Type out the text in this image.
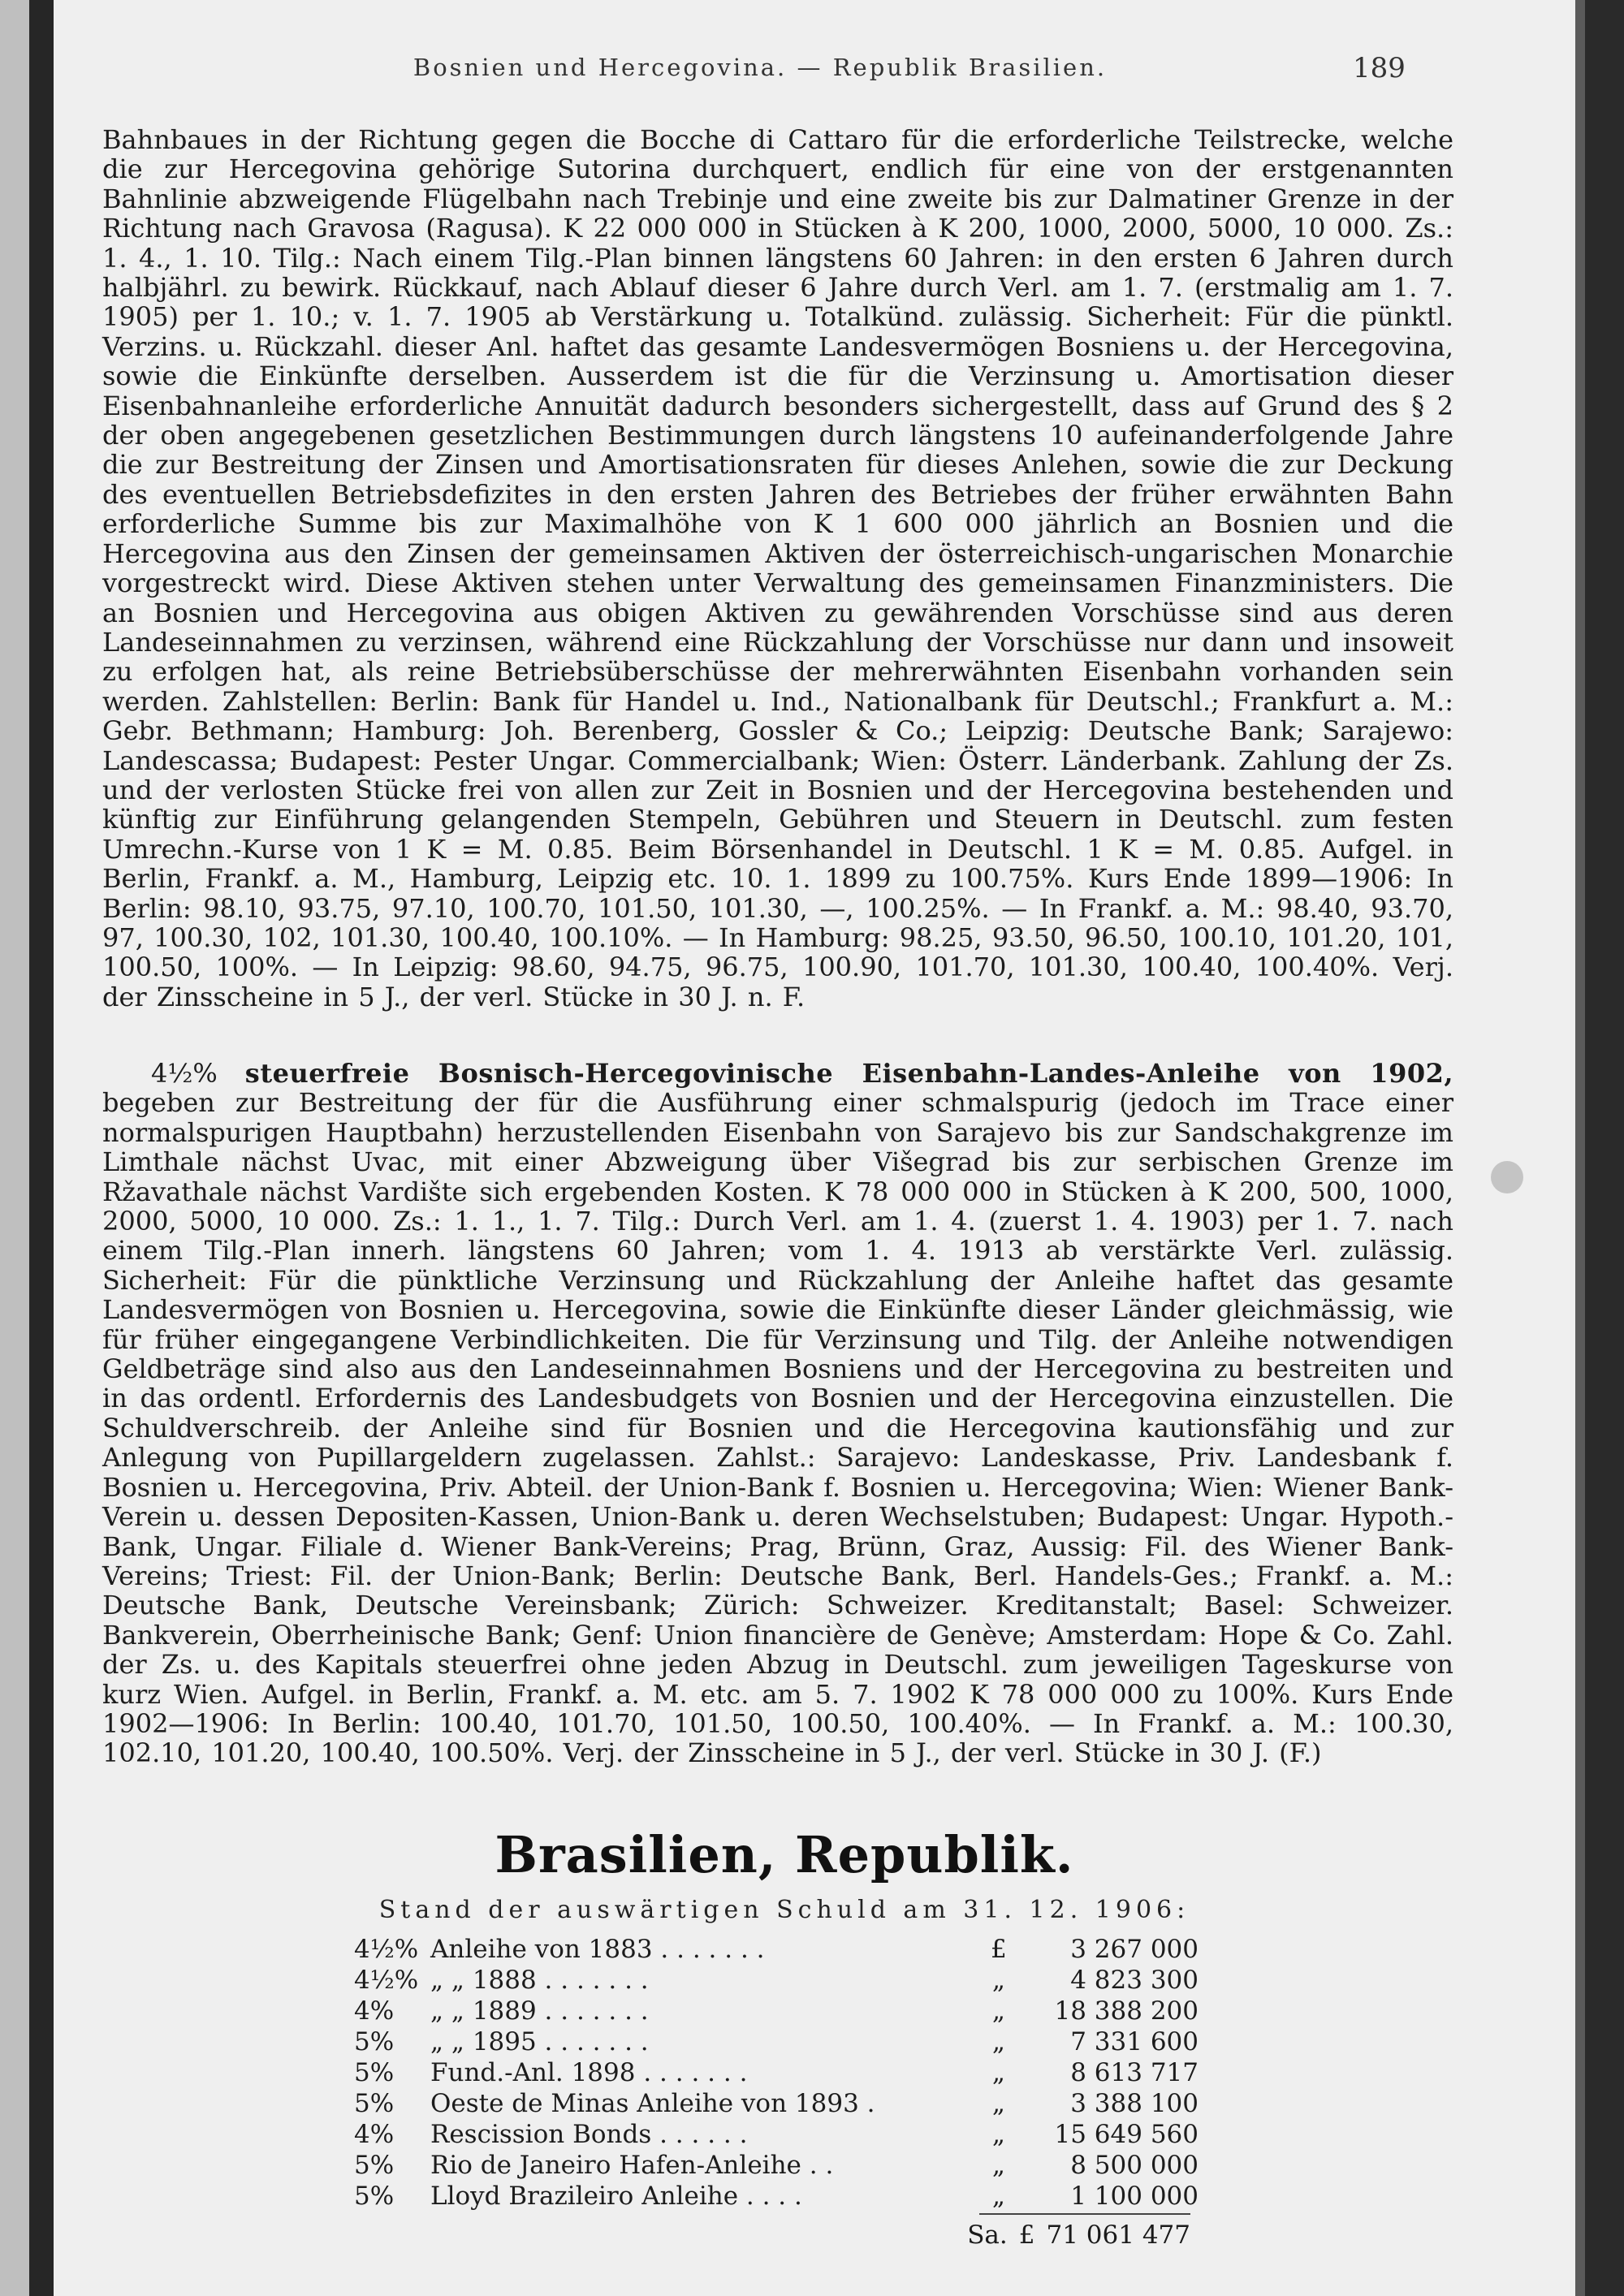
Bosnien und Hercegovina. — Republik Brasilien.	189
Bahnbaues in der Richtung gegen die Bocche di Cattaro für die erforderliche Teilstrecke, welche die zur Hercegovina gehörige Sutorina durchquert, endlich für eine von der erstgenannten Bahnlinie abzweigende Flügelbahn nach Trebinje und eine zweite bis zur Dalmatiner Grenze in der Richtung nach Gravosa (Ragusa). K 22 000 000 in Stücken à K 200, 1000, 2000, 5000, 10 000. Zs.: 1. 4., 1. 10. Tilg.: Nach einem Tilg.-Plan binnen längstens 60 Jahren: in den ersten 6 Jahren durch halbjährl. zu bewirk. Rückkauf, nach Ablauf dieser 6 Jahre durch Verl. am 1. 7. (erstmalig am 1. 7. 1905) per 1. 10.; v. 1. 7. 1905 ab Verstärkung u. Totalkünd. zulässig. Sicherheit: Für die pünktl. Verzins. u. Rückzahl. dieser Anl. haftet das gesamte Landesvermögen Bosniens u. der Hercegovina, sowie die Einkünfte derselben. Ausserdem ist die für die Verzinsung u. Amortisation dieser Eisenbahnanleihe erforderliche Annuität dadurch besonders sichergestellt, dass auf Grund des § 2 der oben angegebenen gesetzlichen Bestimmungen durch längstens 10 aufeinanderfolgende Jahre die zur Bestreitung der Zinsen und Amortisationsraten für dieses Anlehen, sowie die zur Deckung des eventuellen Betriebsdefizites in den ersten Jahren des Betriebes der früher erwähnten Bahn erforderliche Summe bis zur Maximalhöhe von K 1 600 000 jährlich an Bosnien und die Hercegovina aus den Zinsen der gemeinsamen Aktiven der österreichisch-ungarischen Monarchie vorgestreckt wird. Diese Aktiven stehen unter Verwaltung des gemeinsamen Finanzministers. Die an Bosnien und Hercegovina aus obigen Aktiven zu gewährenden Vorschüsse sind aus deren Landeseinnahmen zu verzinsen, während eine Rückzahlung der Vorschüsse nur dann und insoweit zu erfolgen hat, als reine Betriebsüberschüsse der mehrerwähnten Eisenbahn vorhanden sein werden. Zahlstellen: Berlin: Bank für Handel u. Ind., Nationalbank für Deutschl.; Frankfurt a. M.: Gebr. Bethmann; Hamburg: Joh. Berenberg, Gossler & Co.; Leipzig: Deutsche Bank; Sarajewo: Landescassa; Budapest: Pester Ungar. Commercialbank; Wien: Österr. Länderbank. Zahlung der Zs. und der verlosten Stücke frei von allen zur Zeit in Bosnien und der Hercegovina bestehenden und künftig zur Einführung gelangenden Stempeln, Gebühren und Steuern in Deutschl. zum festen Umrechn.-Kurse von 1 K = M. 0.85. Beim Börsenhandel in Deutschl. 1 K = M. 0.85. Aufgel. in Berlin, Frankf. a. M., Hamburg, Leipzig etc. 10. 1. 1899 zu 100.75%. Kurs Ende 1899—1906: In Berlin: 98.10, 93.75, 97.10, 100.70, 101.50, 101.30, —, 100.25%. — In Frankf. a. M.: 98.40, 93.70, 97, 100.30, 102, 101.30, 100.40, 100.10%. — In Hamburg: 98.25, 93.50, 96.50, 100.10, 101.20, 101, 100.50, 100%. — In Leipzig: 98.60, 94.75, 96.75, 100.90, 101.70, 101.30, 100.40, 100.40%. Verj. der Zinsscheine in 5 J., der verl. Stücke in 30 J. n. F.
4½% steuerfreie Bosnisch-Hercegovinische Eisenbahn-Landes-Anleihe von 1902, begeben zur Bestreitung der für die Ausführung einer schmalspurig (jedoch im Trace einer normalspurigen Hauptbahn) herzustellenden Eisenbahn von Sarajevo bis zur Sandschakgrenze im Limthale nächst Uvac, mit einer Abzweigung über Višegrad bis zur serbischen Grenze im Ržavathale nächst Vardište sich ergebenden Kosten. K 78 000 000 in Stücken à K 200, 500, 1000, 2000, 5000, 10 000. Zs.: 1. 1., 1. 7. Tilg.: Durch Verl. am 1. 4. (zuerst 1. 4. 1903) per 1. 7. nach einem Tilg.-Plan innerh. längstens 60 Jahren; vom 1. 4. 1913 ab verstärkte Verl. zulässig. Sicherheit: Für die pünktliche Verzinsung und Rückzahlung der Anleihe haftet das gesamte Landesvermögen von Bosnien u. Hercegovina, sowie die Einkünfte dieser Länder gleichmässig, wie für früher eingegangene Verbindlichkeiten. Die für Verzinsung und Tilg. der Anleihe notwendigen Geldbeträge sind also aus den Landeseinnahmen Bosniens und der Hercegovina zu bestreiten und in das ordentl. Erfordernis des Landesbudgets von Bosnien und der Hercegovina einzustellen. Die Schuldverschreib. der Anleihe sind für Bosnien und die Hercegovina kautionsfähig und zur Anlegung von Pupillargeldern zugelassen. Zahlst.: Sarajevo: Landeskasse, Priv. Landesbank f. Bosnien u. Hercegovina, Priv. Abteil. der Union-Bank f. Bosnien u. Hercegovina; Wien: Wiener Bank-Verein u. dessen Depositen-Kassen, Union-Bank u. deren Wechselstuben; Budapest: Ungar. Hypoth.-Bank, Ungar. Filiale d. Wiener Bank-Vereins; Prag, Brünn, Graz, Aussig: Fil. des Wiener Bank-Vereins; Triest: Fil. der Union-Bank; Berlin: Deutsche Bank, Berl. Handels-Ges.; Frankf. a. M.: Deutsche Bank, Deutsche Vereinsbank; Zürich: Schweizer. Kreditanstalt; Basel: Schweizer. Bankverein, Oberrheinische Bank; Genf: Union financière de Genève; Amsterdam: Hope & Co. Zahl. der Zs. u. des Kapitals steuerfrei ohne jeden Abzug in Deutschl. zum jeweiligen Tageskurse von kurz Wien. Aufgel. in Berlin, Frankf. a. M. etc. am 5. 7. 1902 K 78 000 000 zu 100%. Kurs Ende 1902—1906: In Berlin: 100.40, 101.70, 101.50, 100.50, 100.40%. — In Frankf. a. M.: 100.30, 102.10, 101.20, 100.40, 100.50%. Verj. der Zinsscheine in 5 J., der verl. Stücke in 30 J. (F.)
Brasilien, Republik.
Stand der auswärtigen Schuld am 31. 12. 1906:
4½%	Anleihe von 1883 . . . . . . .	£	3 267 000
4½%	„ „ 1888 . . . . . . .	„	4 823 300
4%	„ „ 1889 . . . . . . .	„	18 388 200
5%	„ „ 1895 . . . . . . .	„	7 331 600
5%	Fund.-Anl. 1898 . . . . . . .	„	8 613 717
5%	Oeste de Minas Anleihe von 1893 .	„	3 388 100
4%	Rescission Bonds . . . . . .	„	15 649 560
5%	Rio de Janeiro Hafen-Anleihe . .	„	8 500 000
5%	Lloyd Brazileiro Anleihe . . . .	„	1 100 000
Sa. £ 71 061 477
